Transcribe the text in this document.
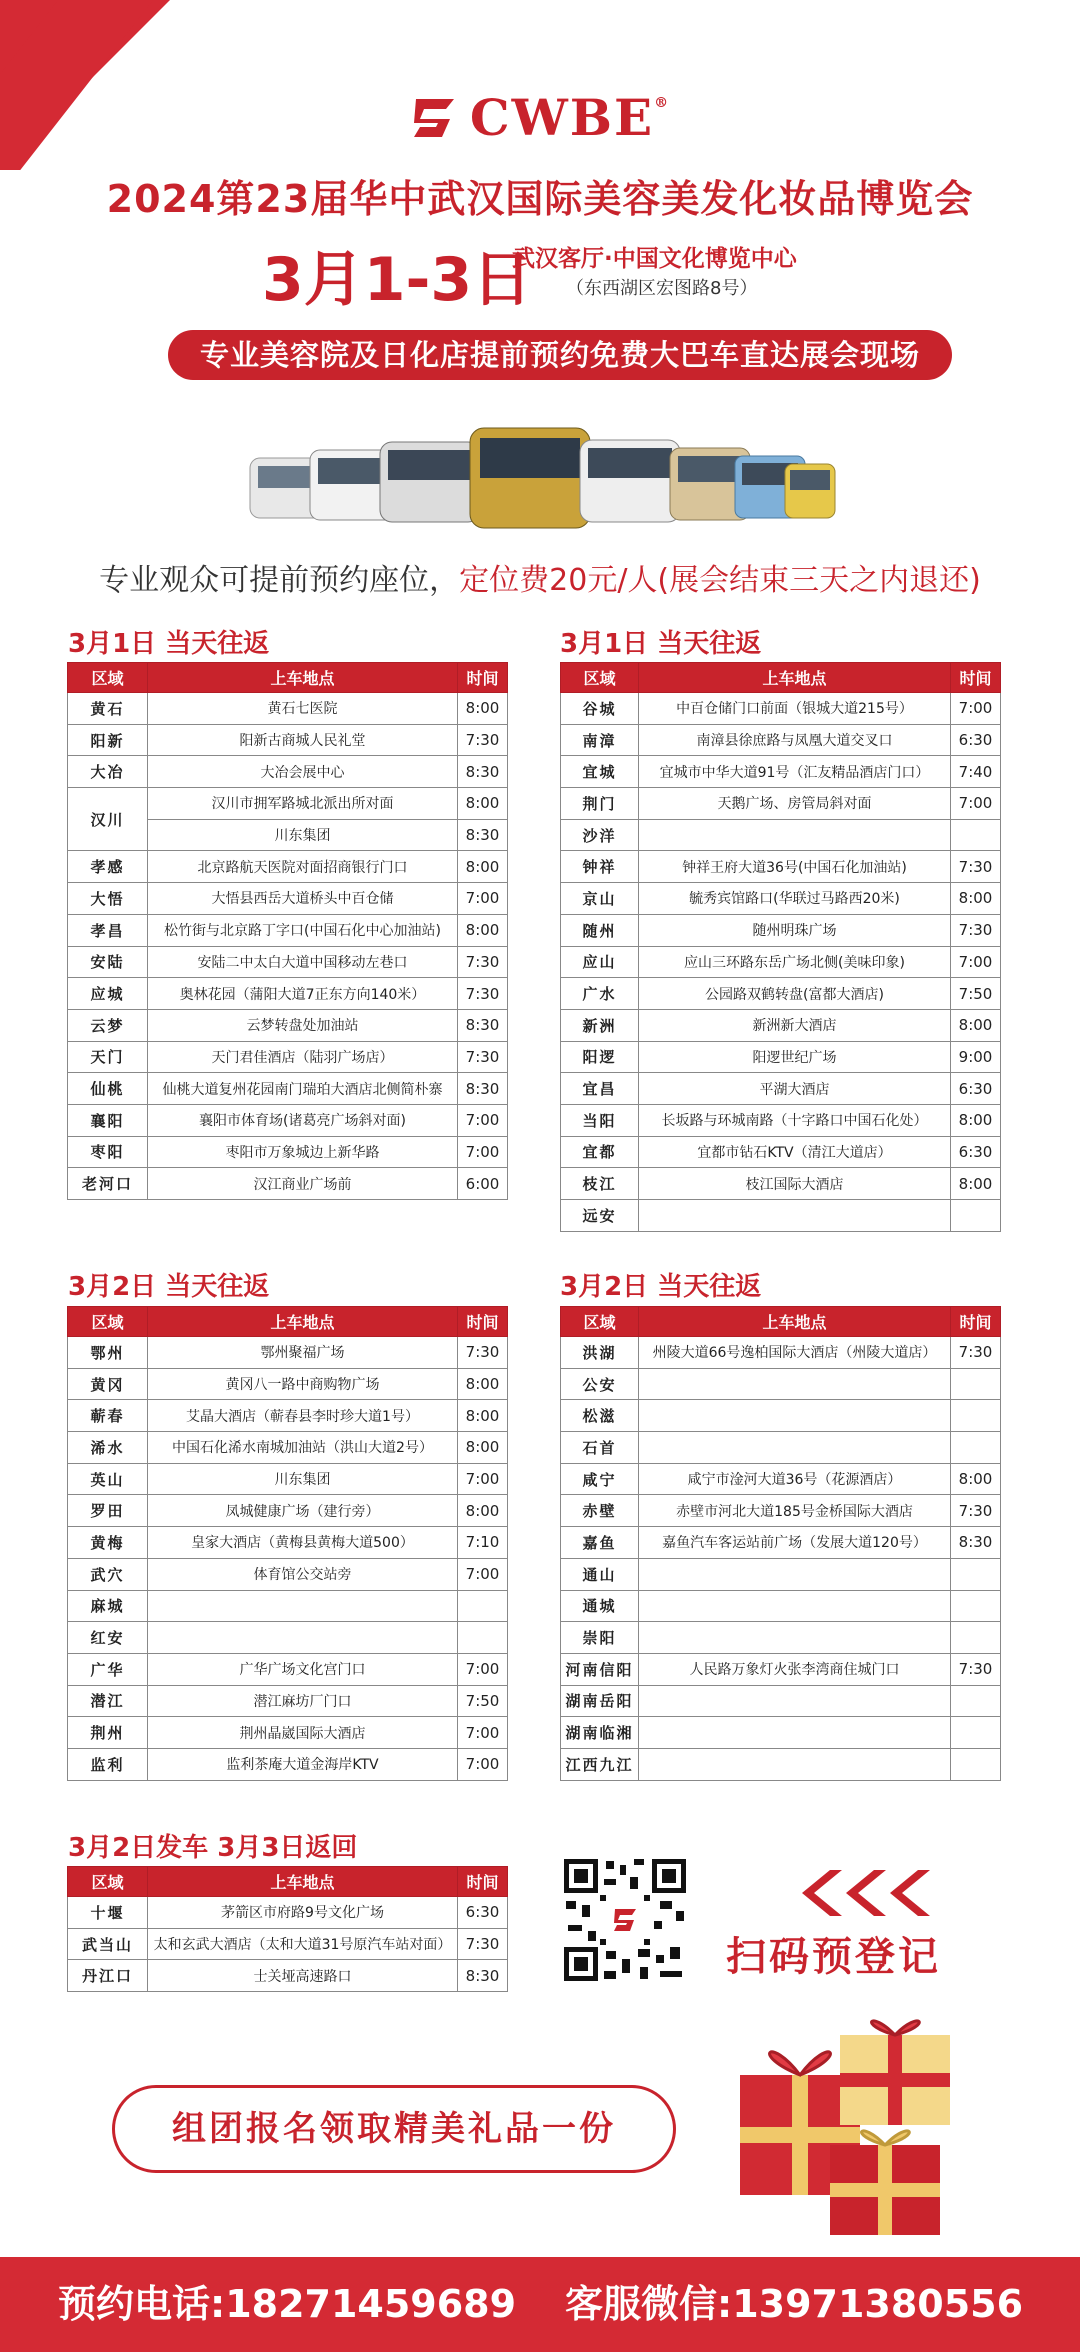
CWBE®
2024第23届华中武汉国际美容美发化妆品博览会
3月1-3日
武汉客厅·中国文化博览中心
（东西湖区宏图路8号）
专业美容院及日化店提前预约免费大巴车直达展会现场
专业观众可提前预约座位，定位费20元/人(展会结束三天之内退还)
3月1日 当天往返
区域	上车地点	时间
黄石	黄石七医院	8:00
阳新	阳新古商城人民礼堂	7:30
大冶	大冶会展中心	8:30
汉川	汉川市拥军路城北派出所对面	8:00
	川东集团	8:30
孝感	北京路航天医院对面招商银行门口	8:00
大悟	大悟县西岳大道桥头中百仓储	7:00
孝昌	松竹街与北京路丁字口(中国石化中心加油站)	8:00
安陆	安陆二中太白大道中国移动左巷口	7:30
应城	奥林花园（蒲阳大道7正东方向140米）	7:30
云梦	云梦转盘处加油站	8:30
天门	天门君佳酒店（陆羽广场店）	7:30
仙桃	仙桃大道复州花园南门瑞珀大酒店北侧简朴寨	8:30
襄阳	襄阳市体育场(诸葛亮广场斜对面)	7:00
枣阳	枣阳市万象城边上新华路	7:00
老河口	汉江商业广场前	6:00
3月1日 当天往返
区域	上车地点	时间
谷城	中百仓储门口前面（银城大道215号）	7:00
南漳	南漳县徐庶路与凤凰大道交叉口	6:30
宜城	宜城市中华大道91号（汇友精品酒店门口）	7:40
荆门	天鹅广场、房管局斜对面	7:00
沙洋		
钟祥	钟祥王府大道36号(中国石化加油站)	7:30
京山	毓秀宾馆路口(华联过马路西20米)	8:00
随州	随州明珠广场	7:30
应山	应山三环路东岳广场北侧(美味印象)	7:00
广水	公园路双鹤转盘(富都大酒店)	7:50
新洲	新洲新大酒店	8:00
阳逻	阳逻世纪广场	9:00
宜昌	平湖大酒店	6:30
当阳	长坂路与环城南路（十字路口中国石化处）	8:00
宜都	宜都市钻石KTV（清江大道店）	6:30
枝江	枝江国际大酒店	8:00
远安		
3月2日 当天往返
区域	上车地点	时间
鄂州	鄂州聚福广场	7:30
黄冈	黄冈八一路中商购物广场	8:00
蕲春	艾晶大酒店（蕲春县李时珍大道1号）	8:00
浠水	中国石化浠水南城加油站（洪山大道2号）	8:00
英山	川东集团	7:00
罗田	凤城健康广场（建行旁）	8:00
黄梅	皇家大酒店（黄梅县黄梅大道500）	7:10
武穴	体育馆公交站旁	7:00
麻城		
红安		
广华	广华广场文化宫门口	7:00
潜江	潜江麻坊厂门口	7:50
荆州	荆州晶崴国际大酒店	7:00
监利	监利茶庵大道金海岸KTV	7:00
3月2日 当天往返
区域	上车地点	时间
洪湖	州陵大道66号逸柏国际大酒店（州陵大道店）	7:30
公安		
松滋		
石首		
咸宁	咸宁市淦河大道36号（花源酒店）	8:00
赤壁	赤壁市河北大道185号金桥国际大酒店	7:30
嘉鱼	嘉鱼汽车客运站前广场（发展大道120号）	8:30
通山		
通城		
崇阳		
河南信阳	人民路万象灯火张李湾商住城门口	7:30
湖南岳阳		
湖南临湘		
江西九江		
3月2日发车 3月3日返回
区域	上车地点	时间
十堰	茅箭区市府路9号文化广场	6:30
武当山	太和玄武大酒店（太和大道31号原汽车站对面）	7:30
丹江口	士关垭高速路口	8:30	扫码预登记
组团报名领取精美礼品一份
预约电话:18271459689 客服微信:13971380556
